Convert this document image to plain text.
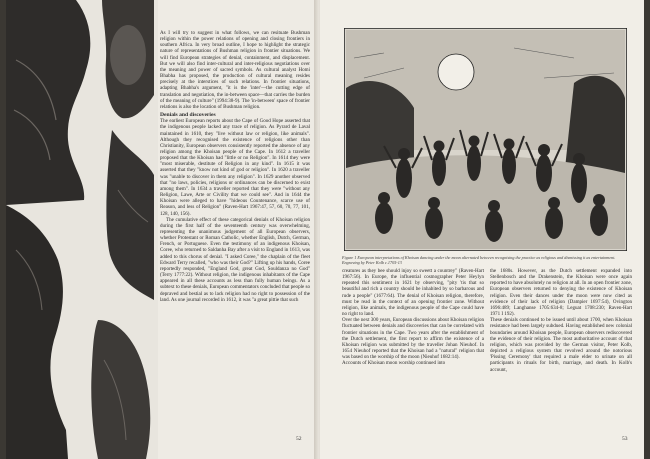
As I will try to suggest in what follows, we can resituate Bushman religion within the power relations of opening and closing frontiers in southern Africa. In very broad outline, I hope to highlight the strategic nature of representations of Bushman religion in frontier situations. We will find European strategies of denial, containment, and displacement. But we will also find inter-cultural and inter-religious negotiations over the meaning and power of sacred symbols. As cultural analyst Homi Bhabha has proposed, the production of cultural meaning resides precisely at the interstices of such relations. In frontier situations, adapting Bhabha's argument, "it is the 'inter'—the cutting edge of translation and negotiation, the in-between space—that carries the burden of the meaning of culture" (1994:38-9). The 'in-between' space of frontier relations is also the location of Bushman religion.

Denials and discoveries

The earliest European reports about the Cape of Good Hope asserted that the indigenous people lacked any trace of religion. As Pyrard de Laval maintained in 1610, they "live without law or religion, like animals". Although they recognised the existence of religions other than Christianity, European observers consistently reported the absence of any religion among the Khoisan people of the Cape. In 1612 a traveller proposed that the Khoisan had "little or no Religion". In 1614 they were "most miserable, destitute of Religion in any kind". In 1615 it was asserted that they "know not kind of god or religion". In 1620 a traveller was "unable to discover in them any religion". In 1629 another observed that "no laws, policies, religions or ordinances can be discerned to exist among them". In 1634 a traveller reported that they were "without any Religion, Lawe, Arte or Civility that we could see". And in 1644 the Khoisan were alleged to have "hideous Countenance, scarce use of Reason, and less of Religion" (Raven-Hart 1967:47, 57, 60, 70, 77, 101, 128, 140, 156).

The cumulative effect of these categorical denials of Khoisan religion during the first half of the seventeenth century was overwhelming, representing the unanimous judgement of all European observers, whether Protestant or Roman Catholic, whether English, Dutch, German, French, or Portuguese. Even the testimony of an indigenous Khoisan, Coree, who returned to Saldanha Bay after a visit to England in 1613, was added to this chorus of denial. "I asked Coree," the chaplain of the fleet Edward Terry recalled, "who was their God?" Lifting up his hands, Coree reportedly responded, "England God, great God, Souldanza no God" (Terry 1777:22). Without religion, the indigenous inhabitants of the Cape appeared in all these accounts as less than fully human beings. As a subtext to these denials, European commentators concluded that people so depraved and bestial as to lack religion had no right to possession of the land. As one journal recorded in 1612, it was "a great pittie that such

52
Figure 1 European interpretations of Khoisan dancing under the moon alternated between recognising the practice as religious and dismissing it as entertainment. Engraving by Peter Kolb c.1705-13
creatures as they bee should injoy so sweett a countrey" (Raven-Hart 1967:56). In Europe, the influential cosmographer Peter Heylyn repeated this sentiment in 1621 by observing, "pity 'tis that so beautiful and rich a country should be inhabited by so barbarous and rude a people" (1677:64). The denial of Khoisan religion, therefore, must be read in the context of an opening frontier zone. Without religion, like animals, the indigenous people of the Cape could have no right to land.
Over the next 300 years, European discussions about Khoisan religion fluctuated between denials and discoveries that can be correlated with frontier situations in the Cape. Two years after the establishment of the Dutch settlement, the first report to affirm the existence of a Khoisan religion was submitted by the traveller Johan Nieuhof. In 1654 Nieuhof reported that the Khoisan had a "natural" religion that was based on the worship of the moon (Nieuhof 1682:14).
Accounts of Khoisan moon worship continued into
the 1680s. However, as the Dutch settlement expanded into Stellenbosch and the Drakenstein, the Khoisan were once again reported to have absolutely no religion at all. In an open frontier zone, European observers returned to denying the existence of Khoisan religion. Even their dances under the moon were now cited as evidence of their lack of religion (Dampier 1697:54), Ovington 1696:489; Langhanse 1705:634-8; Leguat 1708:230; Raven-Hart 1971 I 192).
These denials continued to be issued until about 1700, when Khoisan resistance had been largely subdued. Having established new colonial boundaries around Khoisan people, European observers rediscovered the evidence of their religion. The most authoritative account of that religion, which was provided by the German visitor, Peter Kolb, depicted a religious system that revolved around the notorious 'Pissing Ceremony' that required a male elder to urinate on all participants in rituals for birth, marriage, and death. In Kolb's account,
53
